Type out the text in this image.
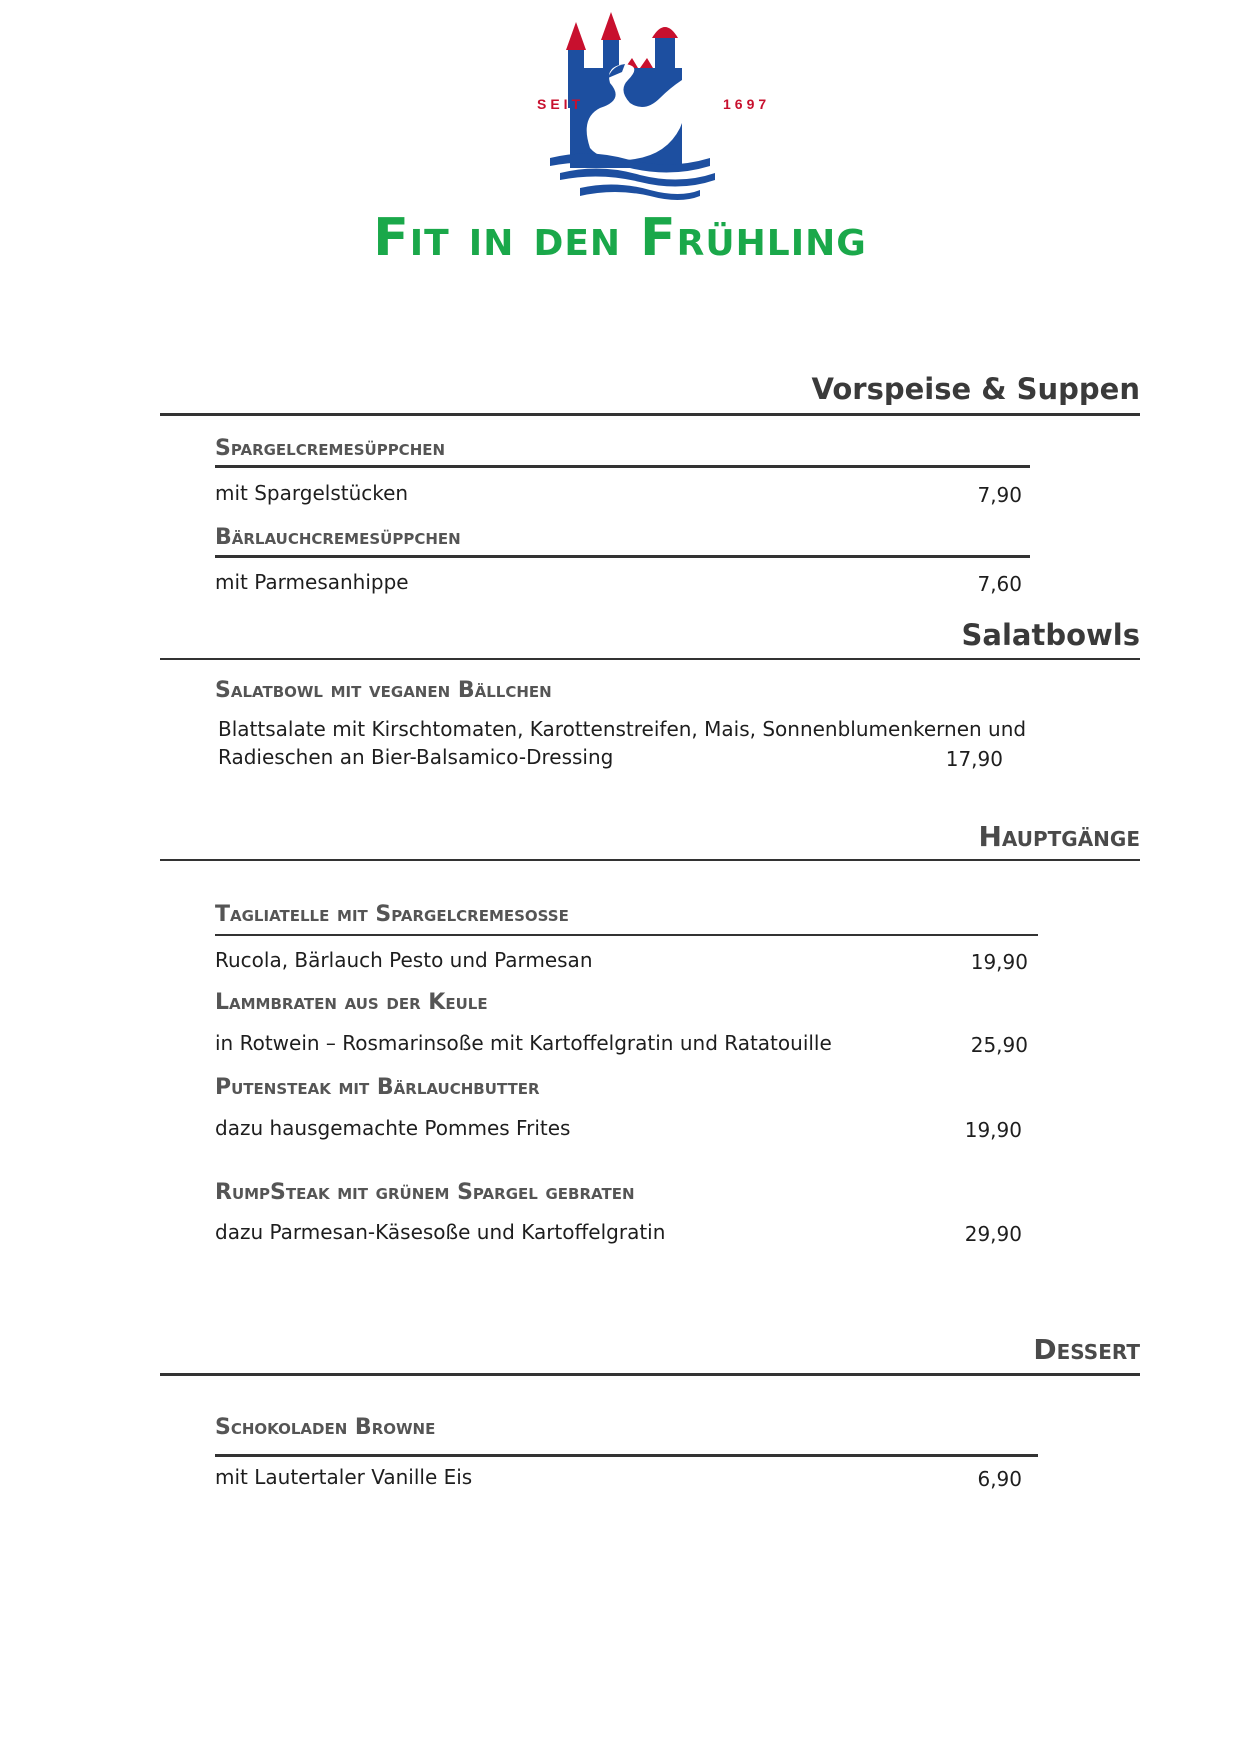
SEIT	1697
Fit in den Frühling
Vorspeise & Suppen
Spargelcremesüppchen
mit Spargelstücken	7,90
Bärlauchcremesüppchen
mit Parmesanhippe	7,60
Salatbowls
Salatbowl mit veganen Bällchen
Blattsalate mit Kirschtomaten, Karottenstreifen, Mais, Sonnenblumenkernen und
Radieschen an Bier-Balsamico-Dressing	17,90
Hauptgänge
Tagliatelle mit Spargelcremesoße
Rucola, Bärlauch Pesto und Parmesan	19,90
Lammbraten aus der Keule
in Rotwein – Rosmarinsoße mit Kartoffelgratin und Ratatouille	25,90
Putensteak mit Bärlauchbutter
dazu hausgemachte Pommes Frites	19,90
RumpSteak mit grünem Spargel gebraten
dazu Parmesan-Käsesoße und Kartoffelgratin	29,90
Dessert
Schokoladen Browne
mit Lautertaler Vanille Eis	6,90
